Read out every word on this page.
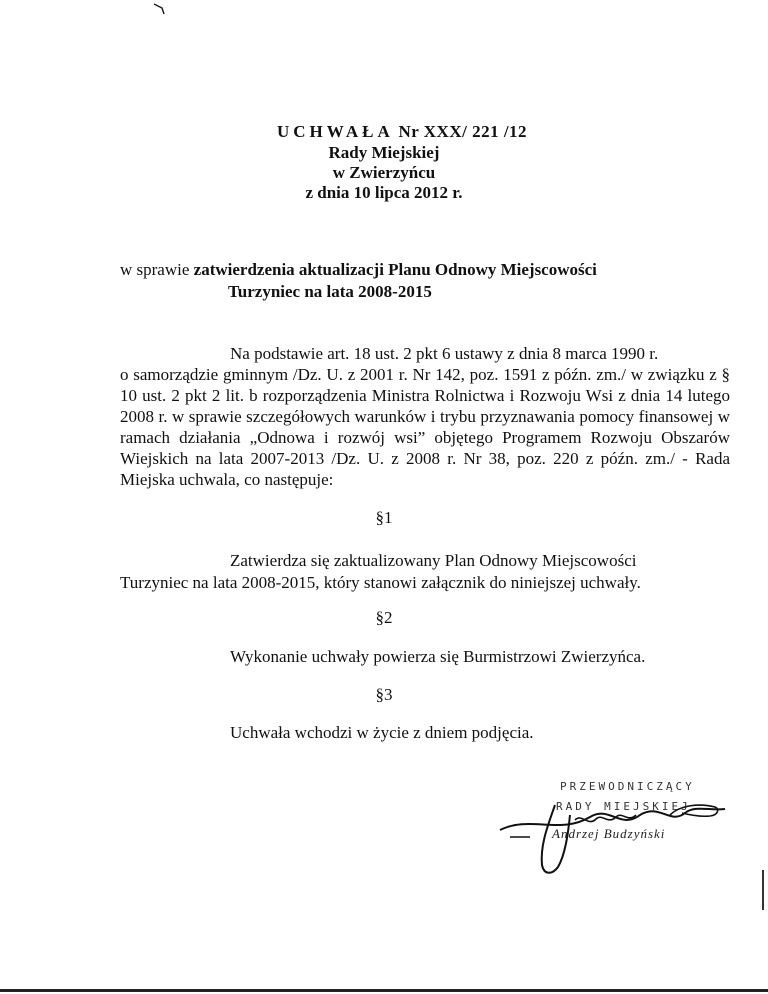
UCHWAŁA Nr XXX/ 221 /12
Rady Miejskiej
w Zwierzyńcu
z dnia 10 lipca 2012 r.
w sprawie zatwierdzenia aktualizacji Planu Odnowy Miejscowości
Turzyniec na lata 2008-2015
Na podstawie art. 18 ust. 2 pkt 6 ustawy z dnia 8 marca 1990 r.
o samorządzie gminnym /Dz. U. z 2001 r. Nr 142, poz. 1591 z późn. zm./ w związku z § 10 ust. 2 pkt 2 lit. b rozporządzenia Ministra Rolnictwa i Rozwoju Wsi z dnia 14 lutego 2008 r. w sprawie szczegółowych warunków i trybu przyznawania pomocy finansowej w ramach działania „Odnowa i rozwój wsi” objętego Programem Rozwoju Obszarów Wiejskich na lata 2007-2013 /Dz. U. z 2008 r. Nr 38, poz. 220 z późn. zm./ - Rada Miejska uchwala, co następuje:
§1
Zatwierdza się zaktualizowany Plan Odnowy Miejscowości
Turzyniec na lata 2008-2015, który stanowi załącznik do niniejszej uchwały.
§2
Wykonanie uchwały powierza się Burmistrzowi Zwierzyńca.
§3
Uchwała wchodzi w życie z dniem podjęcia.
PRZEWODNICZĄCY
RADY MIEJSKIEJ
Andrzej Budzyński
